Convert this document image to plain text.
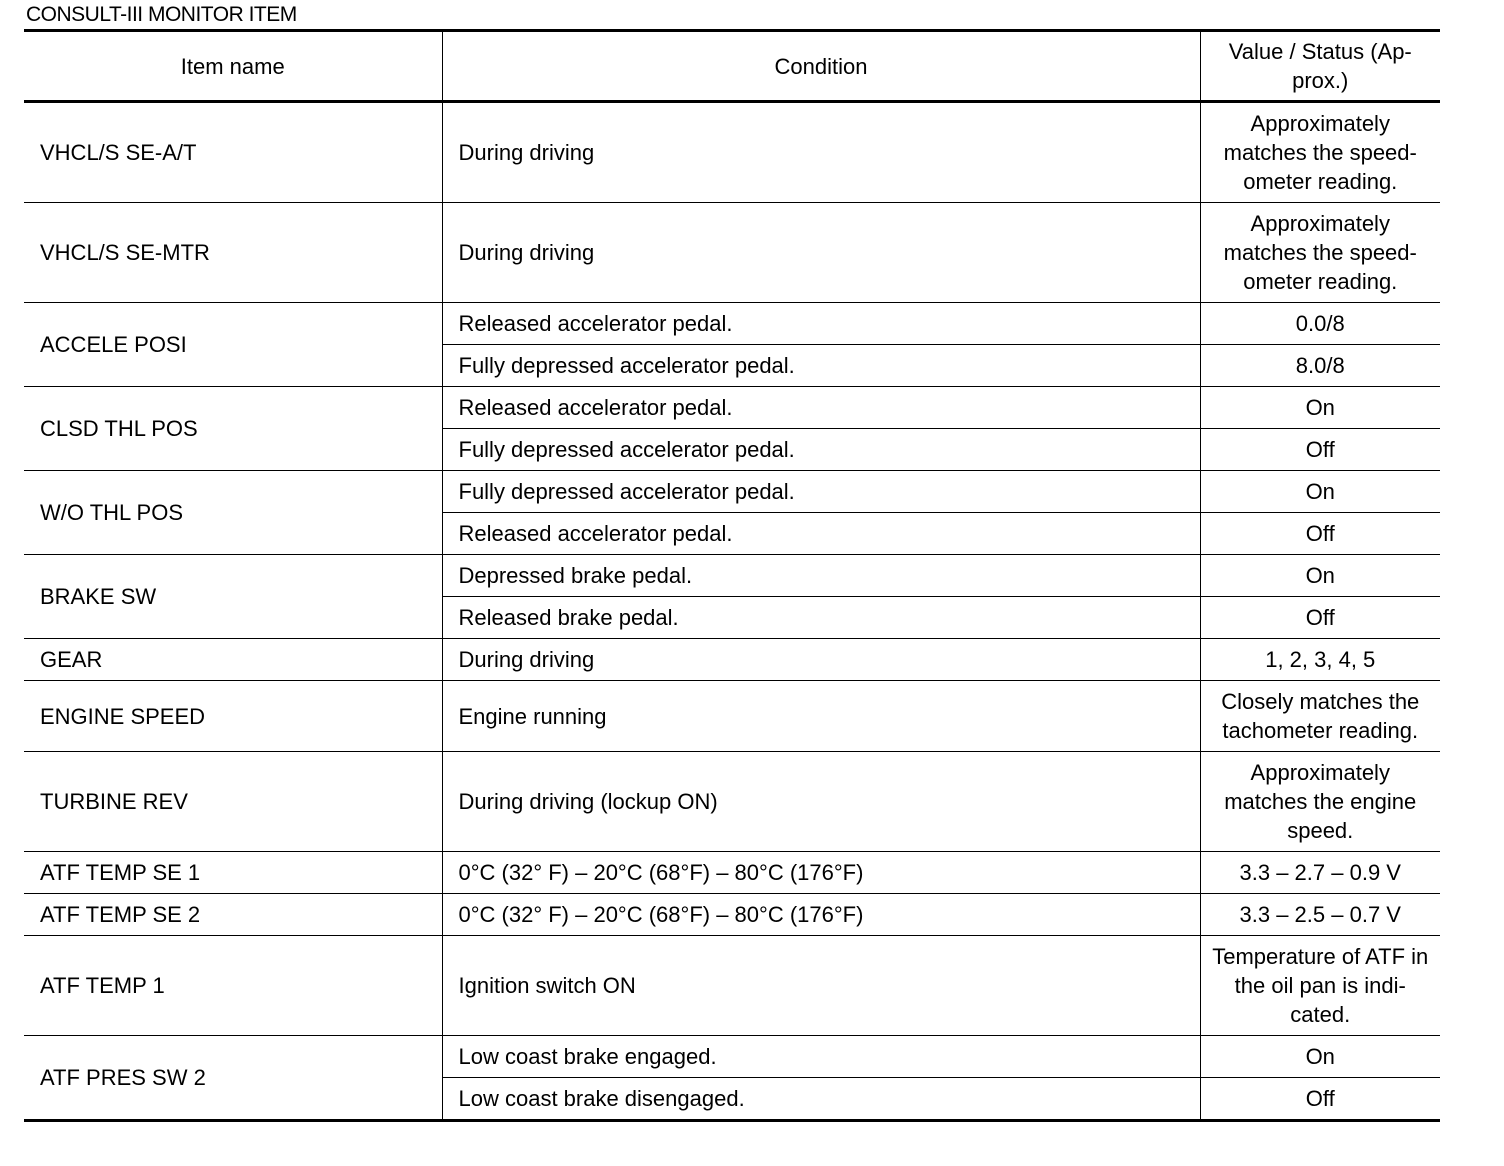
CONSULT-III MONITOR ITEM
Item name	Condition	Value / Status (Ap-prox.)
VHCL/S SE-A/T	During driving	Approximately matches the speed-ometer reading.
VHCL/S SE-MTR	During driving	Approximately matches the speed-ometer reading.
ACCELE POSI	Released accelerator pedal.	0.0/8
	Fully depressed accelerator pedal.	8.0/8
CLSD THL POS	Released accelerator pedal.	On
	Fully depressed accelerator pedal.	Off
W/O THL POS	Fully depressed accelerator pedal.	On
	Released accelerator pedal.	Off
BRAKE SW	Depressed brake pedal.	On
	Released brake pedal.	Off
GEAR	During driving	1, 2, 3, 4, 5
ENGINE SPEED	Engine running	Closely matches the tachometer reading.
TURBINE REV	During driving (lockup ON)	Approximately matches the engine speed.
ATF TEMP SE 1	0°C (32° F) – 20°C (68°F) – 80°C (176°F)	3.3 – 2.7 – 0.9 V
ATF TEMP SE 2	0°C (32° F) – 20°C (68°F) – 80°C (176°F)	3.3 – 2.5 – 0.7 V
ATF TEMP 1	Ignition switch ON	Temperature of ATF in the oil pan is indi-cated.
ATF PRES SW 2	Low coast brake engaged.	On
	Low coast brake disengaged.	Off
